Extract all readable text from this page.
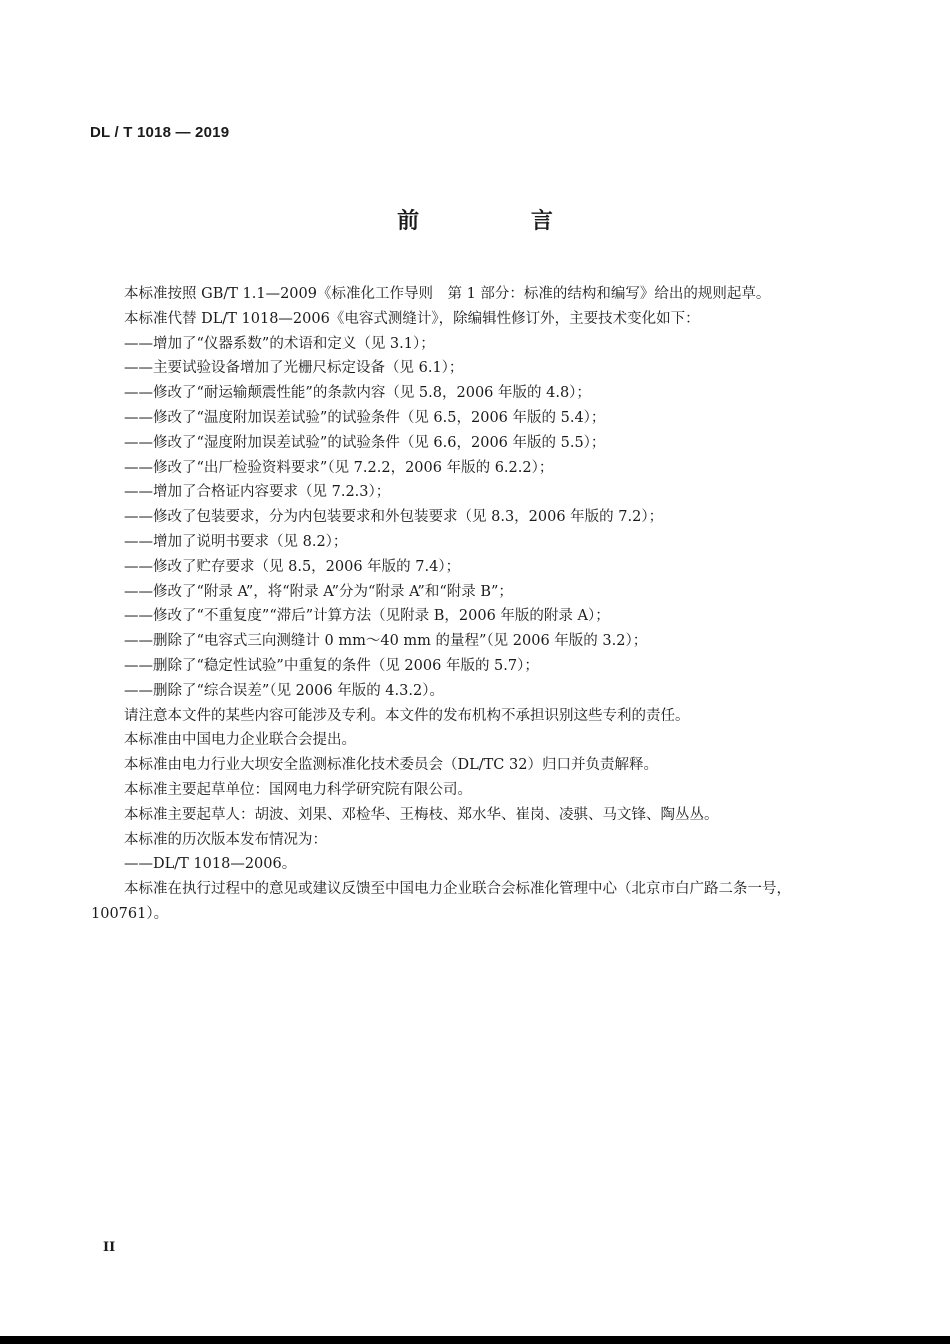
DL / T 1018 — 2019
前 言

本标准按照 GB/T 1.1—2009《标准化工作导则　第 1 部分：标准的结构和编写》给出的规则起草。

本标准代替 DL/T 1018—2006《电容式测缝计》，除编辑性修订外，主要技术变化如下：

——增加了“仪器系数”的术语和定义（见 3.1）；

——主要试验设备增加了光栅尺标定设备（见 6.1）；

——修改了“耐运输颠震性能”的条款内容（见 5.8，2006 年版的 4.8）；

——修改了“温度附加误差试验”的试验条件（见 6.5，2006 年版的 5.4）；

——修改了“湿度附加误差试验”的试验条件（见 6.6，2006 年版的 5.5）；

——修改了“出厂检验资料要求”（见 7.2.2，2006 年版的 6.2.2）；

——增加了合格证内容要求（见 7.2.3）；

——修改了包装要求，分为内包装要求和外包装要求（见 8.3，2006 年版的 7.2）；

——增加了说明书要求（见 8.2）；

——修改了贮存要求（见 8.5，2006 年版的 7.4）；

——修改了“附录 A”，将“附录 A”分为“附录 A”和“附录 B”；

——修改了“不重复度”“滞后”计算方法（见附录 B，2006 年版的附录 A）；

——删除了“电容式三向测缝计 0 mm～40 mm 的量程”（见 2006 年版的 3.2）；

——删除了“稳定性试验”中重复的条件（见 2006 年版的 5.7）；

——删除了“综合误差”（见 2006 年版的 4.3.2）。

请注意本文件的某些内容可能涉及专利。本文件的发布机构不承担识别这些专利的责任。

本标准由中国电力企业联合会提出。

本标准由电力行业大坝安全监测标准化技术委员会（DL/TC 32）归口并负责解释。

本标准主要起草单位：国网电力科学研究院有限公司。

本标准主要起草人：胡波、刘果、邓检华、王梅枝、郑水华、崔岗、凌骐、马文锋、陶丛丛。

本标准的历次版本发布情况为：

——DL/T 1018—2006。

本标准在执行过程中的意见或建议反馈至中国电力企业联合会标准化管理中心（北京市白广路二条一号，100761）。

II
